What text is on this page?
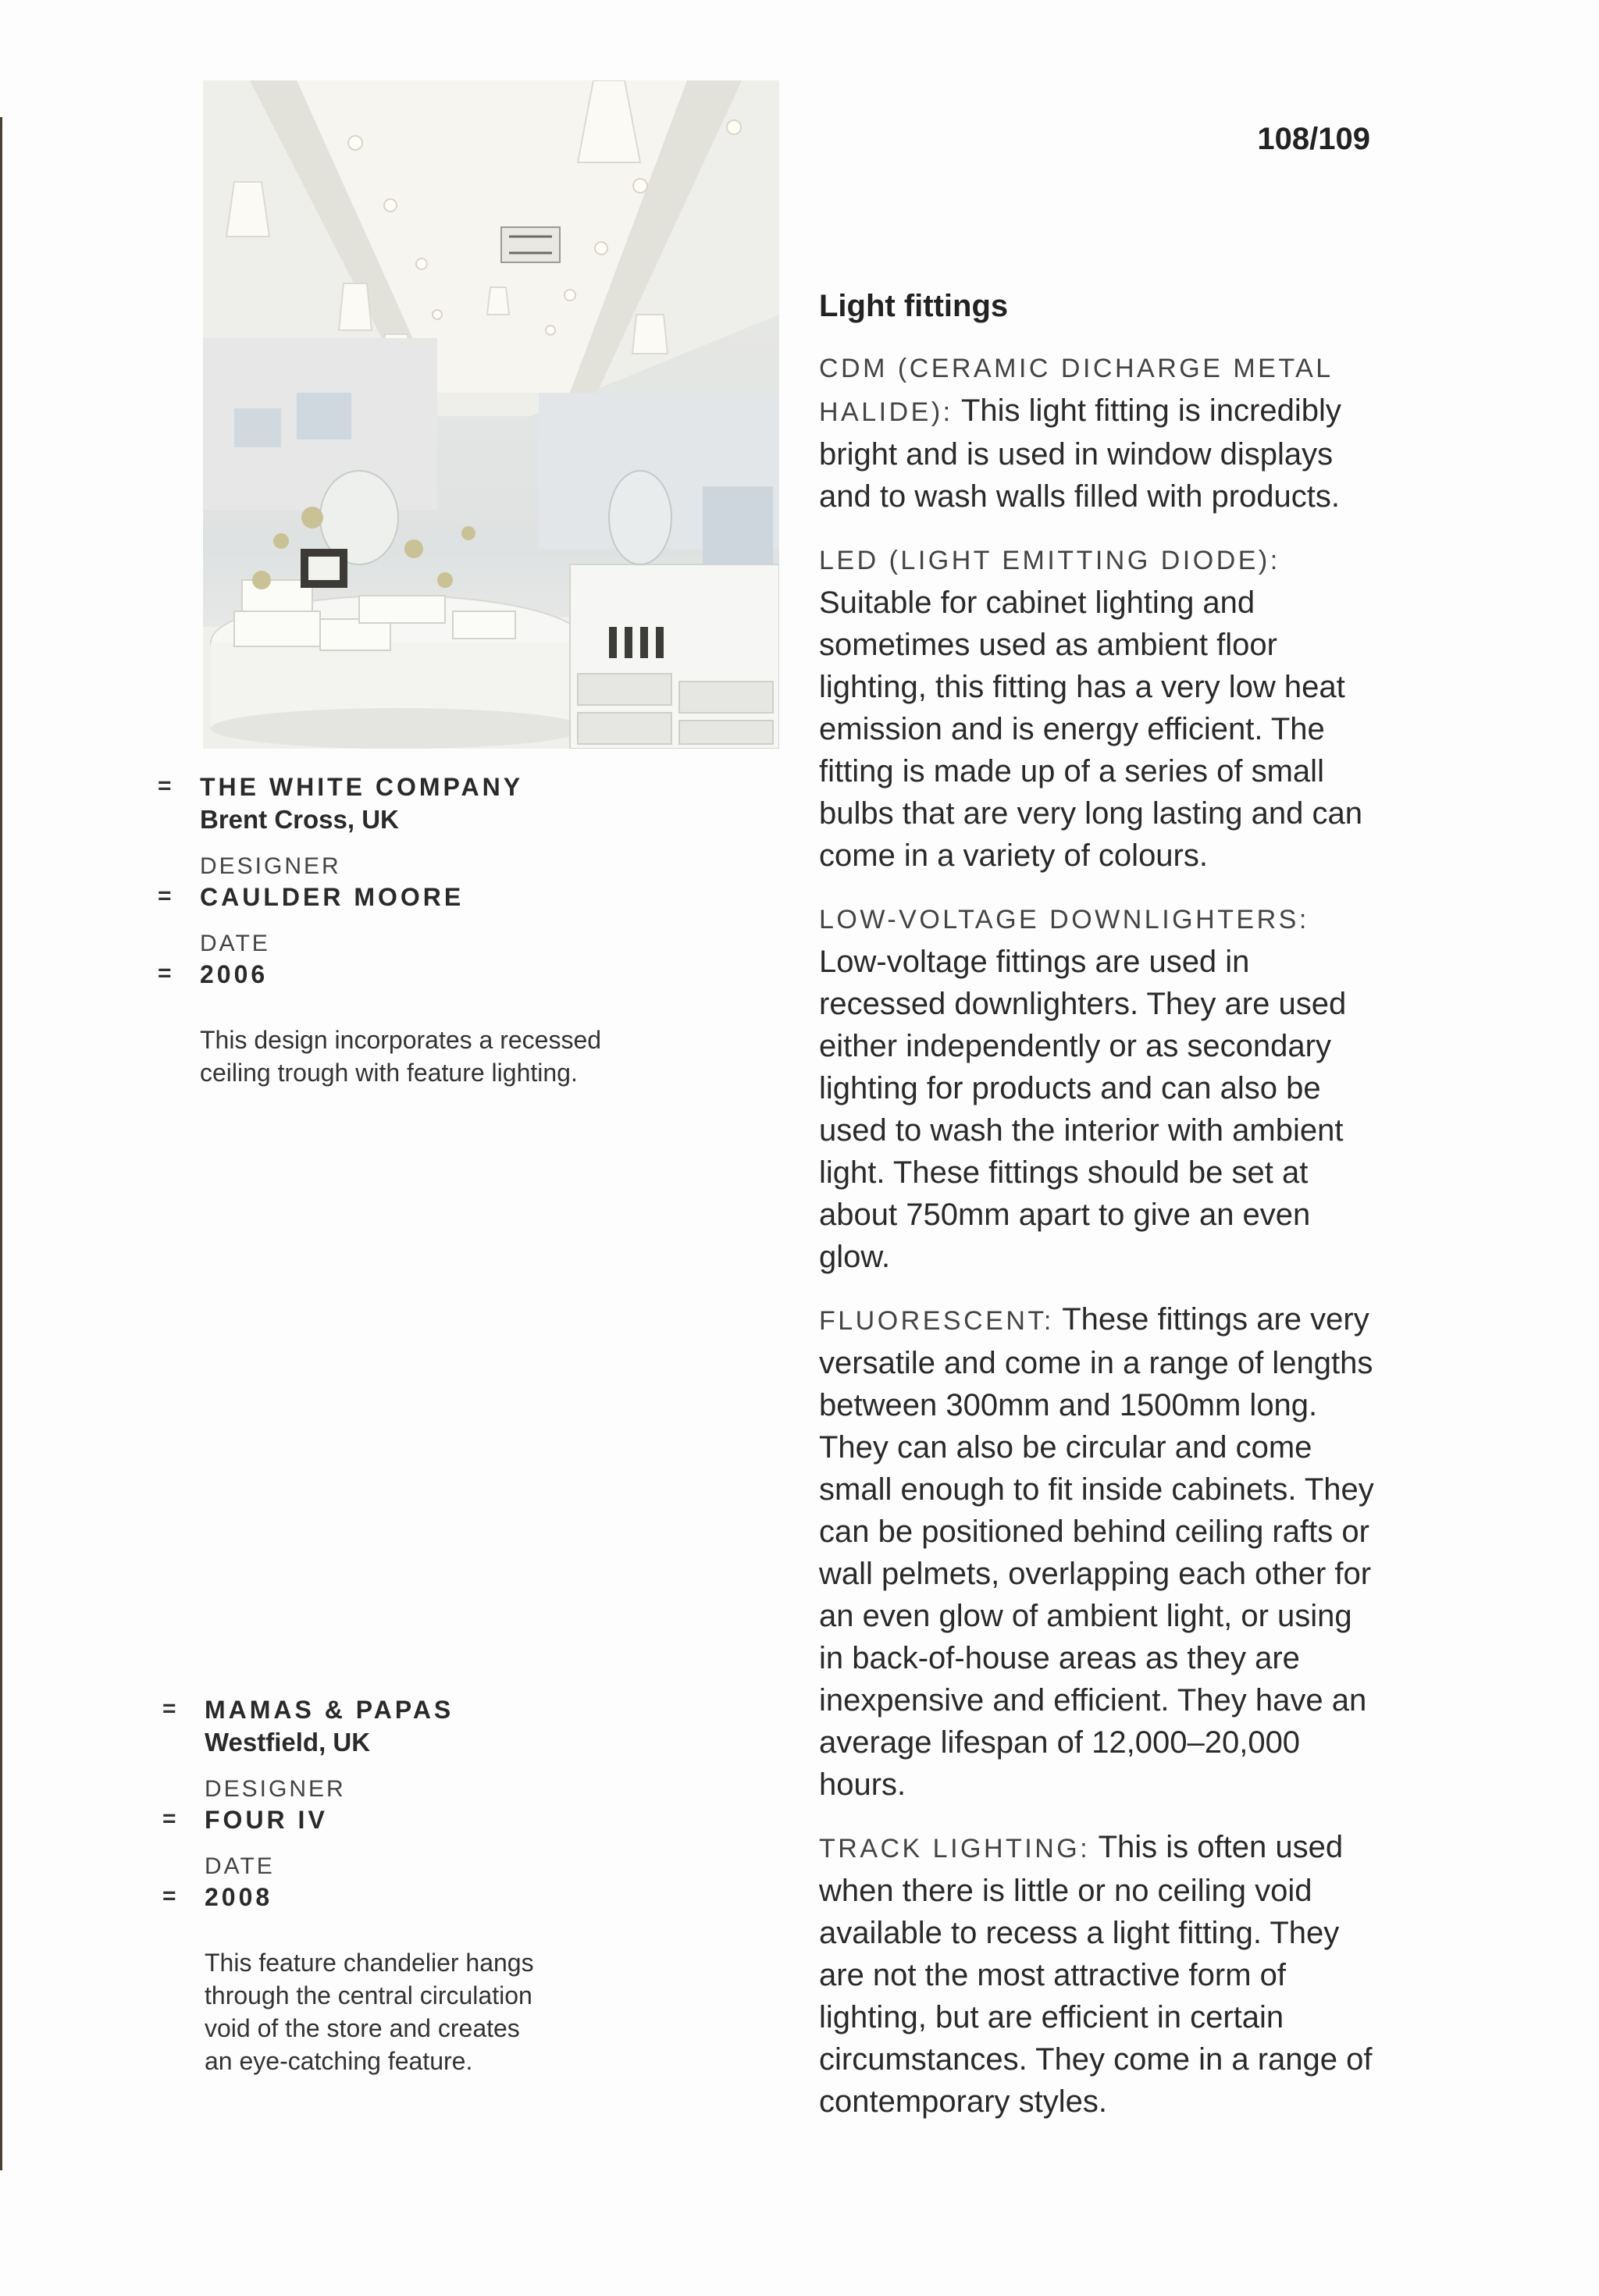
108/109
= THE WHITE COMPANY
Brent Cross, UK
DESIGNER
= CAULDER MOORE
DATE
= 2006
This design incorporates a recessed ceiling trough with feature lighting.
= MAMAS & PAPAS
Westfield, UK
DESIGNER
= FOUR IV
DATE
= 2008
This feature chandelier hangs through the central circulation void of the store and creates an eye-catching feature.
Light fittings

CDM (CERAMIC DICHARGE METAL HALIDE): This light fitting is incredibly bright and is used in window displays and to wash walls filled with products.

LED (LIGHT EMITTING DIODE): Suitable for cabinet lighting and sometimes used as ambient floor lighting, this fitting has a very low heat emission and is energy efficient. The fitting is made up of a series of small bulbs that are very long lasting and can come in a variety of colours.

LOW-VOLTAGE DOWNLIGHTERS: Low-voltage fittings are used in recessed downlighters. They are used either independently or as secondary lighting for products and can also be used to wash the interior with ambient light. These fittings should be set at about 750mm apart to give an even glow.

FLUORESCENT: These fittings are very versatile and come in a range of lengths between 300mm and 1500mm long. They can also be circular and come small enough to fit inside cabinets. They can be positioned behind ceiling rafts or wall pelmets, overlapping each other for an even glow of ambient light, or using in back-of-house areas as they are inexpensive and efficient. They have an average lifespan of 12,000–20,000 hours.

TRACK LIGHTING: This is often used when there is little or no ceiling void available to recess a light fitting. They are not the most attractive form of lighting, but are efficient in certain circumstances. They come in a range of contemporary styles.
